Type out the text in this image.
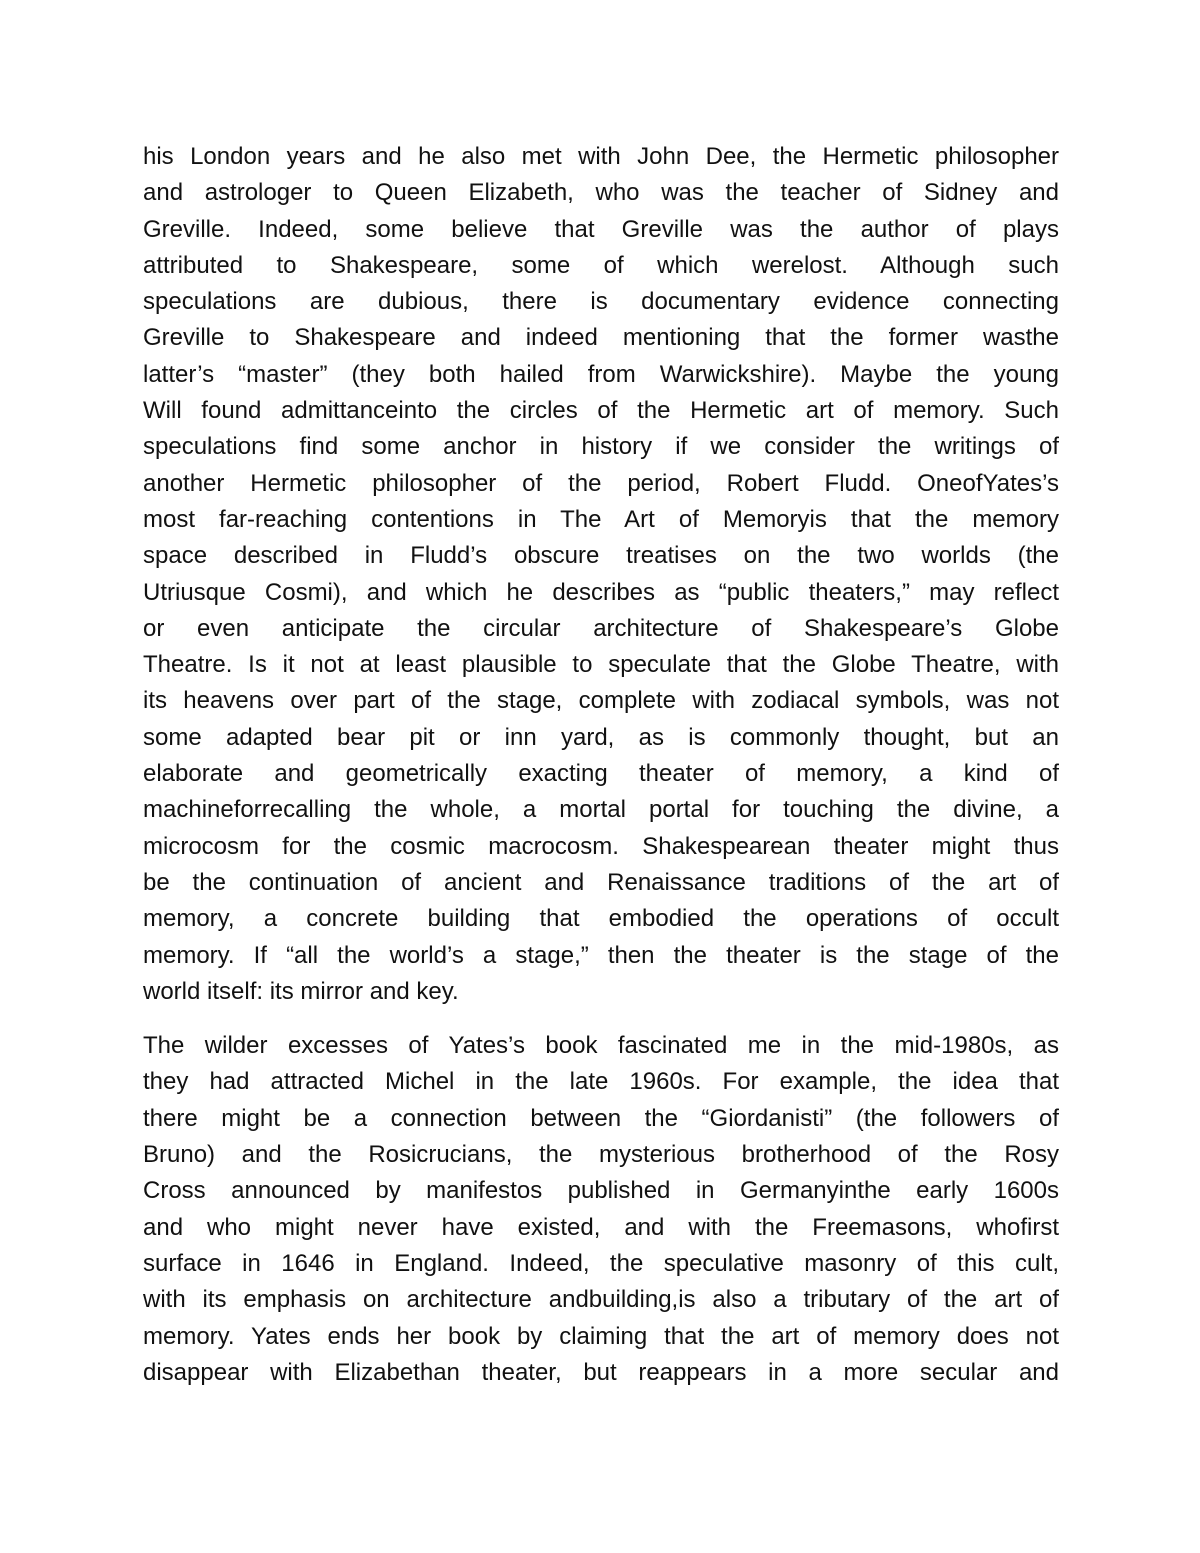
his London years and he also met with John Dee, the Hermetic philosopher
and astrologer to Queen Elizabeth, who was the teacher of Sidney and
Greville. Indeed, some believe that Greville was the author of plays
attributed to Shakespeare, some of which werelost. Although such
speculations are dubious, there is documentary evidence connecting
Greville to Shakespeare and indeed mentioning that the former wasthe
latter’s “master” (they both hailed from Warwickshire). Maybe the young
Will found admittanceinto the circles of the Hermetic art of memory. Such
speculations find some anchor in history if we consider the writings of
another Hermetic philosopher of the period, Robert Fludd. OneofYates’s
most far-reaching contentions in The Art of Memoryis that the memory
space described in Fludd’s obscure treatises on the two worlds (the
Utriusque Cosmi), and which he describes as “public theaters,” may reflect
or even anticipate the circular architecture of Shakespeare’s Globe
Theatre. Is it not at least plausible to speculate that the Globe Theatre, with
its heavens over part of the stage, complete with zodiacal symbols, was not
some adapted bear pit or inn yard, as is commonly thought, but an
elaborate and geometrically exacting theater of memory, a kind of
machineforrecalling the whole, a mortal portal for touching the divine, a
microcosm for the cosmic macrocosm. Shakespearean theater might thus
be the continuation of ancient and Renaissance traditions of the art of
memory, a concrete building that embodied the operations of occult
memory. If “all the world’s a stage,” then the theater is the stage of the
world itself: its mirror and key.
The wilder excesses of Yates’s book fascinated me in the mid-1980s, as
they had attracted Michel in the late 1960s. For example, the idea that
there might be a connection between the “Giordanisti” (the followers of
Bruno) and the Rosicrucians, the mysterious brotherhood of the Rosy
Cross announced by manifestos published in Germanyinthe early 1600s
and who might never have existed, and with the Freemasons, whofirst
surface in 1646 in England. Indeed, the speculative masonry of this cult,
with its emphasis on architecture andbuilding,is also a tributary of the art of
memory. Yates ends her book by claiming that the art of memory does not
disappear with Elizabethan theater, but reappears in a more secular and
